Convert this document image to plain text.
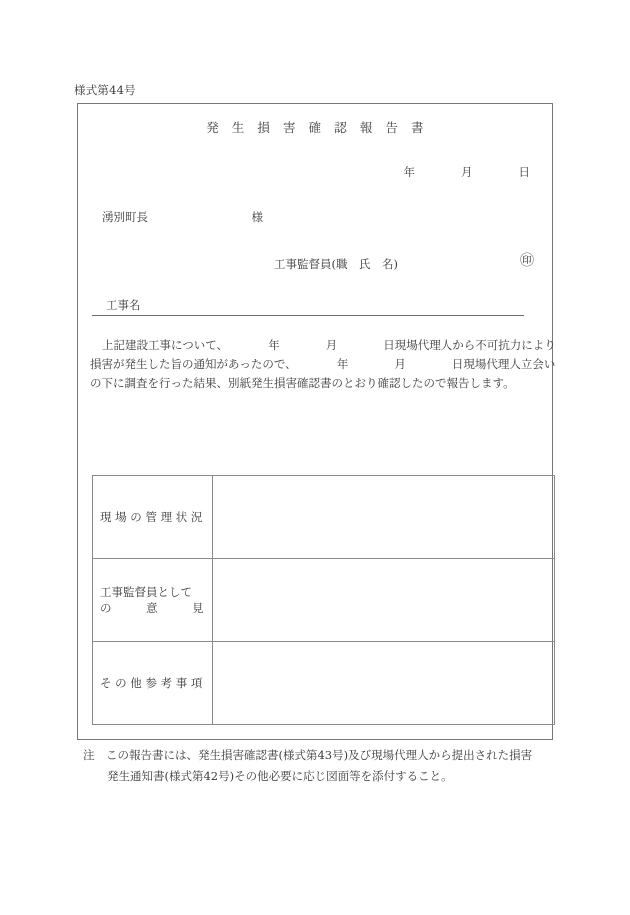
様式第44号
発　生　損　害　確　認　報　告　書
年　　　　月　　　　日
湧別町長　　　　　　　　　様
工事監督員(職　氏　名)	㊞
工事名
上記建設工事について、　　　　年　　　　月　　　　日現場代理人から不可抗力により
損害が発生した旨の通知があったので、　　　　年　　　　月　　　　日現場代理人立会い
の下に調査を行った結果、別紙発生損害確認書のとおり確認したので報告します。
現 場 の 管 理 状 況	

工事監督員として
の　　　意　　　見	

そ の 他 参 考 事 項	

注　この報告書には、発生損害確認書(様式第43号)及び現場代理人から提出された損害
発生通知書(様式第42号)その他必要に応じ図面等を添付すること。
